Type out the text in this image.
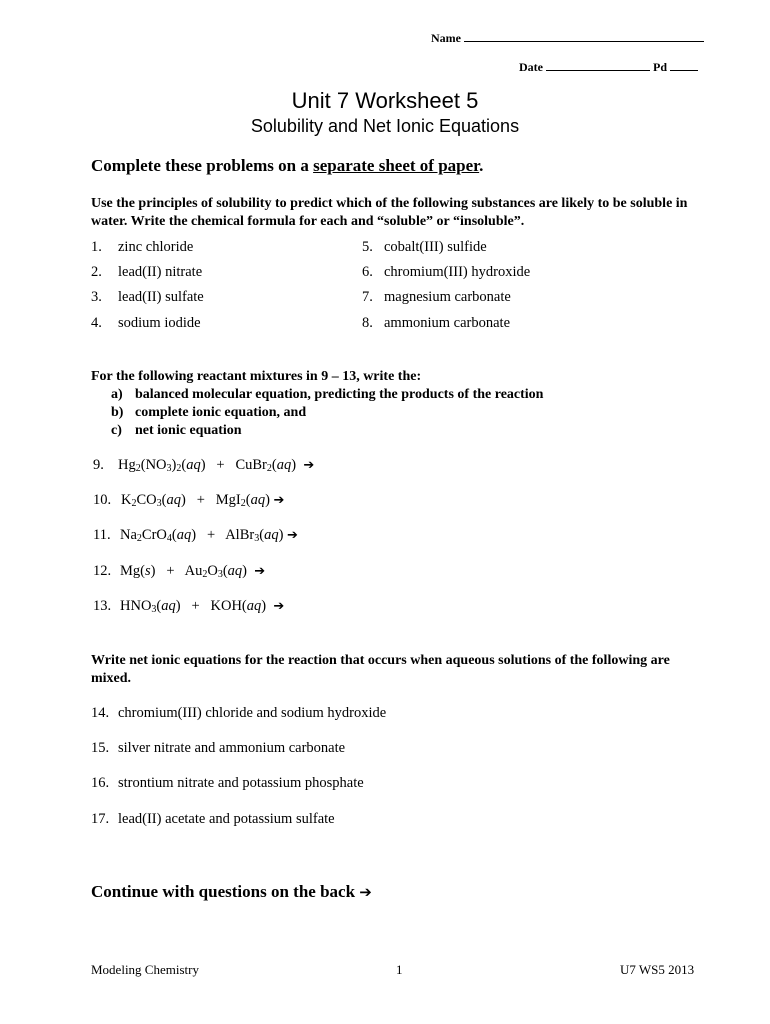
Name
Date	Pd
Unit 7 Worksheet 5
Solubility and Net Ionic Equations
Complete these problems on a separate sheet of paper.
Use the principles of solubility to predict which of the following substances are likely to be soluble in water. Write the chemical formula for each and “soluble” or “insoluble”.
1. zinc chloride
2. lead(II) nitrate
3. lead(II) sulfate
4. sodium iodide
5. cobalt(III) sulfide
6. chromium(III) hydroxide
7. magnesium carbonate
8. ammonium carbonate
For the following reactant mixtures in 9 – 13, write the:
a) balanced molecular equation, predicting the products of the reaction
b) complete ionic equation, and
c) net ionic equation
9. $Hg_2(NO_3)_2(aq)$   +   CuBr$_2$(aq)  ➔
10. $K_2CO_3(aq) + MgI_2(aq)$ ➔
11. $Na_2CrO_4(aq)$   +   AlBr$_3$(aq) ➔
12. $Mg(s) + Au_2O_3(aq)$  ➔
13. $HNO_3(aq) + KOH(aq)$  ➔
Write net ionic equations for the reaction that occurs when aqueous solutions of the following are mixed.
14. chromium(III) chloride and sodium hydroxide
15. silver nitrate and ammonium carbonate
16. strontium nitrate and potassium phosphate
17. lead(II) acetate and potassium sulfate
Continue with questions on the back ➔
Modeling Chemistry	1	U7 WS5 2013
